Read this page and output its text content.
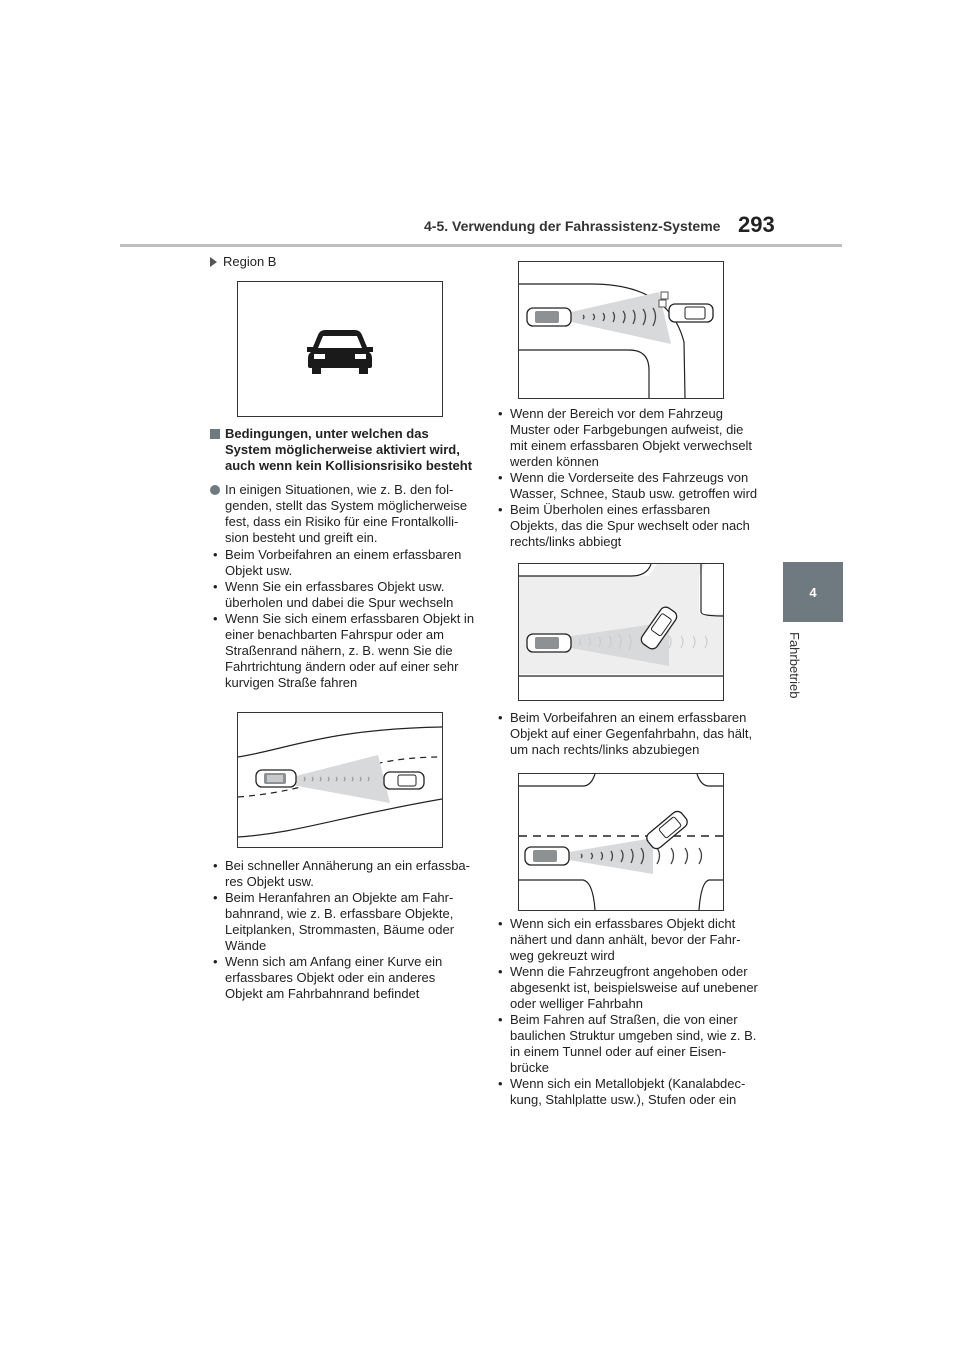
4-5. Verwendung der Fahrassistenz-Systeme 293
4
Fahrbetrieb
Region B
Bedingungen, unter welchen das System möglicherweise aktiviert wird, auch wenn kein Kollisionsrisiko besteht
In einigen Situationen, wie z. B. den fol-genden, stellt das System möglicherweise fest, dass ein Risiko für eine Frontalkolli-sion besteht und greift ein.
• Beim Vorbeifahren an einem erfassbaren Objekt usw.
• Wenn Sie ein erfassbares Objekt usw. überholen und dabei die Spur wechseln
• Wenn Sie sich einem erfassbaren Objekt in einer benachbarten Fahrspur oder am Straßenrand nähern, z. B. wenn Sie die Fahrtrichtung ändern oder auf einer sehr kurvigen Straße fahren
• Bei schneller Annäherung an ein erfassba-res Objekt usw.
• Beim Heranfahren an Objekte am Fahr-bahnrand, wie z. B. erfassbare Objekte, Leitplanken, Strommasten, Bäume oder Wände
• Wenn sich am Anfang einer Kurve ein erfassbares Objekt oder ein anderes Objekt am Fahrbahnrand befindet
• Wenn der Bereich vor dem Fahrzeug Muster oder Farbgebungen aufweist, die mit einem erfassbaren Objekt verwechselt werden können
• Wenn die Vorderseite des Fahrzeugs von Wasser, Schnee, Staub usw. getroffen wird
• Beim Überholen eines erfassbaren Objekts, das die Spur wechselt oder nach rechts/links abbiegt
• Beim Vorbeifahren an einem erfassbaren Objekt auf einer Gegenfahrbahn, das hält, um nach rechts/links abzubiegen
• Wenn sich ein erfassbares Objekt dicht nähert und dann anhält, bevor der Fahr-weg gekreuzt wird
• Wenn die Fahrzeugfront angehoben oder abgesenkt ist, beispielsweise auf unebener oder welliger Fahrbahn
• Beim Fahren auf Straßen, die von einer baulichen Struktur umgeben sind, wie z. B. in einem Tunnel oder auf einer Eisen-brücke
• Wenn sich ein Metallobjekt (Kanalabdec-kung, Stahlplatte usw.), Stufen oder ein
